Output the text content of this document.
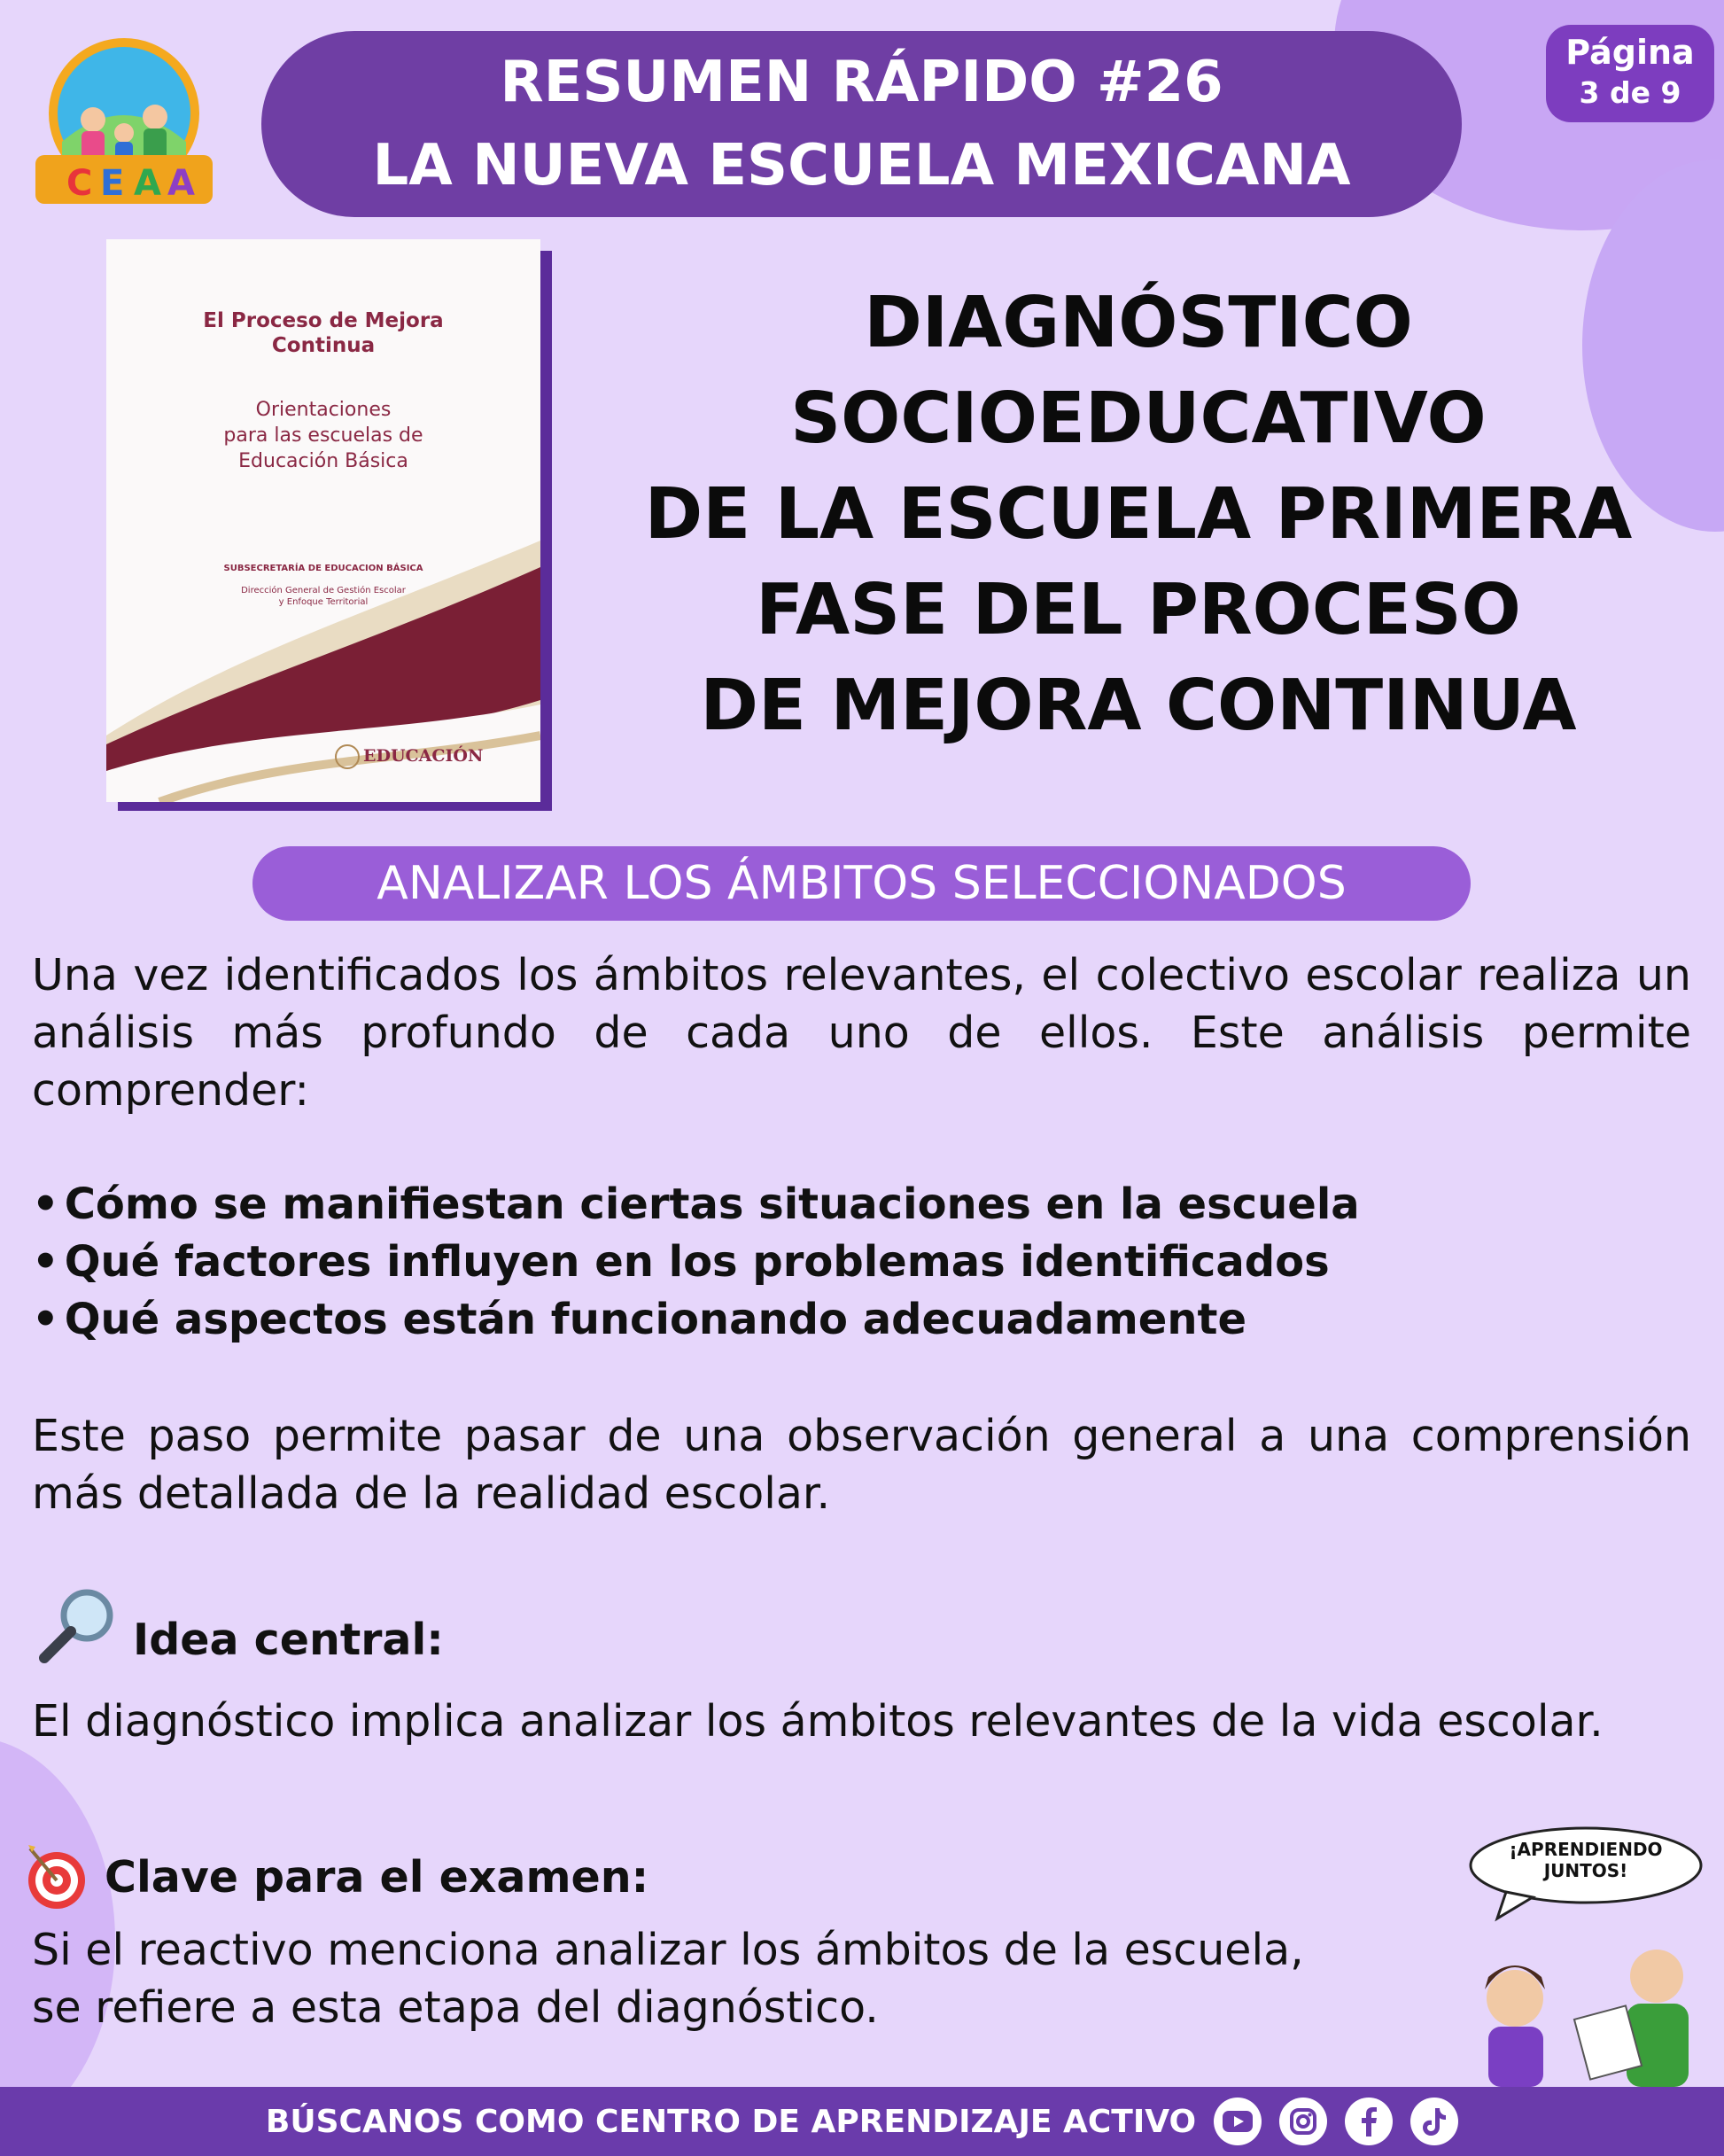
C E A A
RESUMEN RÁPIDO #26
LA NUEVA ESCUELA MEXICANA
Página
3 de 9
El Proceso de Mejora Continua
Orientaciones
para las escuelas de
Educación Básica
SUBSECRETARÍA DE EDUCACION BÁSICA
Dirección General de Gestión Escolar
y Enfoque Territorial
EDUCACIÓN
DIAGNÓSTICO
SOCIOEDUCATIVO
DE LA ESCUELA PRIMERA
FASE DEL PROCESO
DE MEJORA CONTINUA
ANALIZAR LOS ÁMBITOS SELECCIONADOS

Una vez identificados los ámbitos relevantes, el colectivo escolar realiza un análisis más profundo de cada uno de ellos. Este análisis permite comprender:

• Cómo se manifiestan ciertas situaciones en la escuela
• Qué factores influyen en los problemas identificados
• Qué aspectos están funcionando adecuadamente

Este paso permite pasar de una observación general a una comprensión más detallada de la realidad escolar.

Idea central:

El diagnóstico implica analizar los ámbitos relevantes de la vida escolar.

Clave para el examen:
Si el reactivo menciona analizar los ámbitos de la escuela,
se refiere a esta etapa del diagnóstico.
¡APRENDIENDO
JUNTOS!
BÚSCANOS COMO CENTRO DE APRENDIZAJE ACTIVO
